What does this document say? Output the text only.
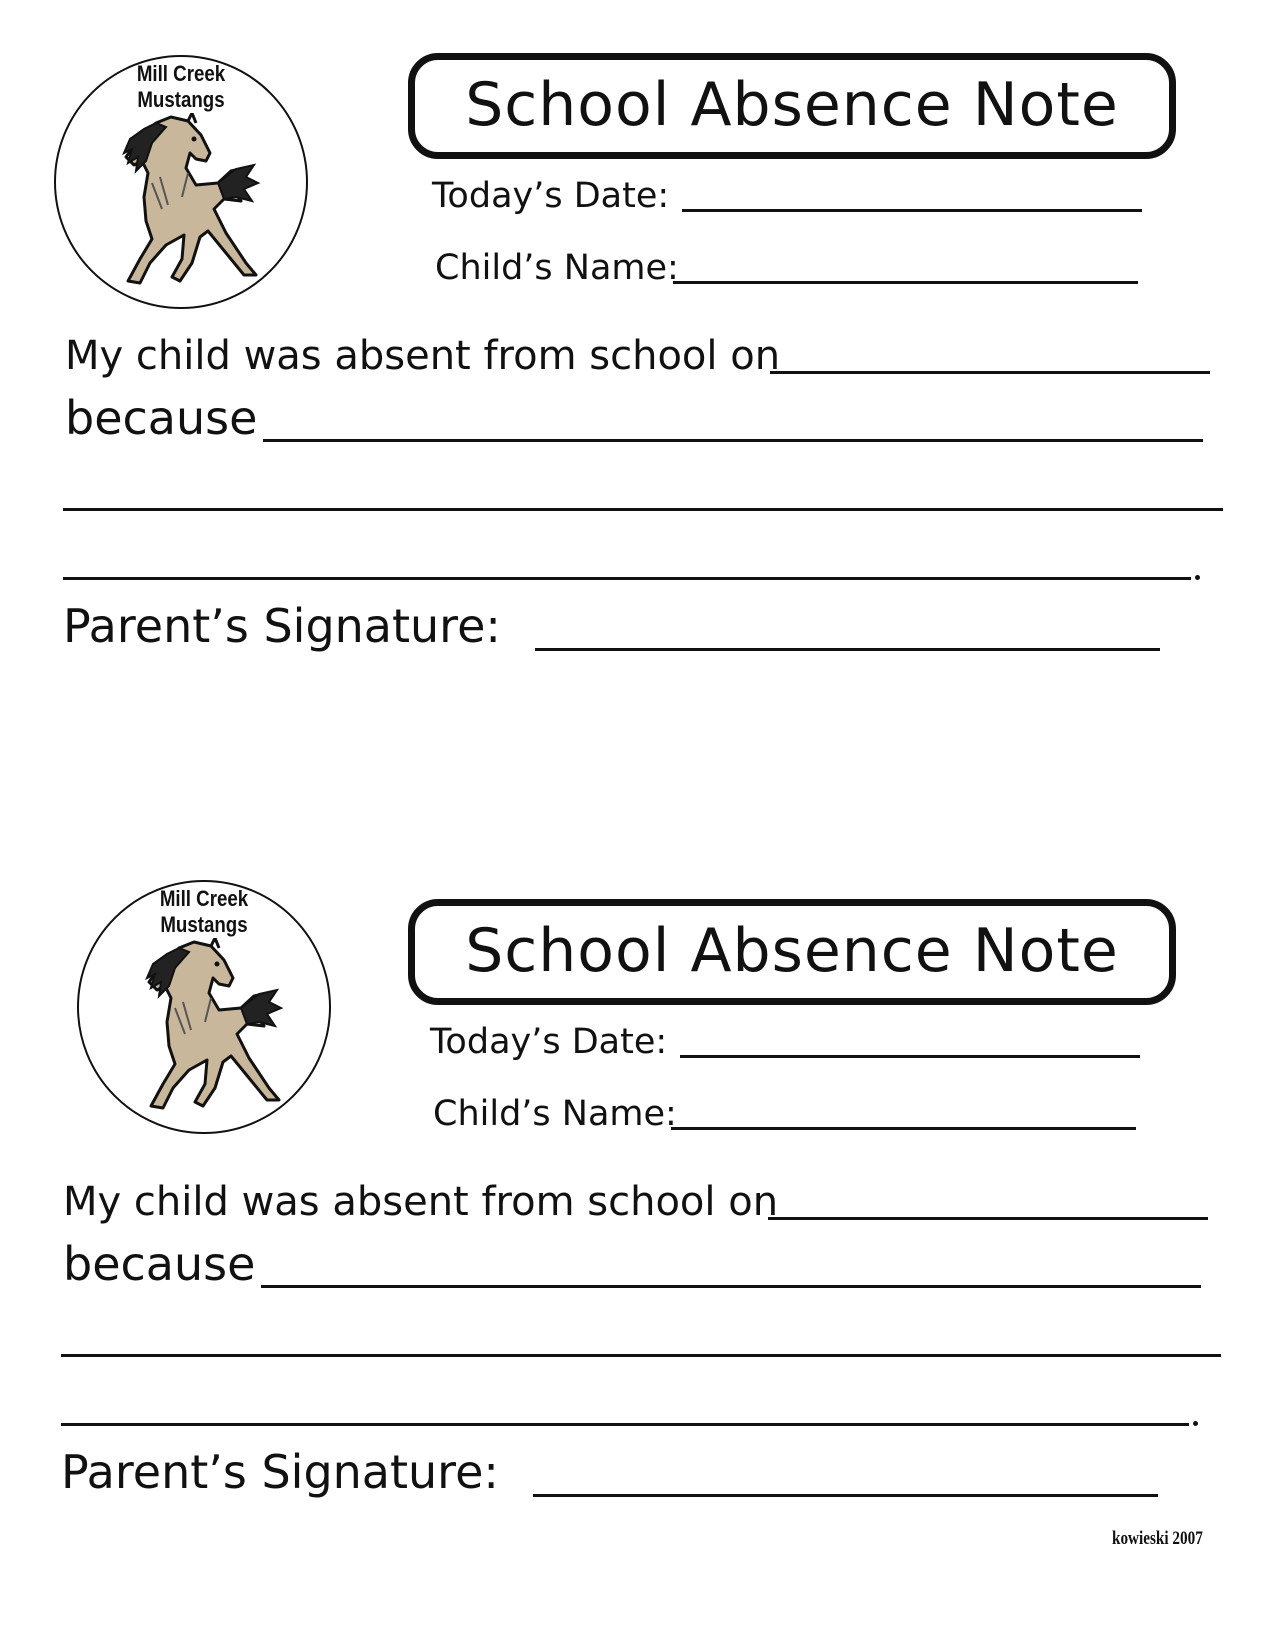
Mill Creek
Mustangs	School Absence Note
Today’s Date:
Child’s Name:
My child was absent from school on
because
Parent’s Signature:
Mill Creek
Mustangs	School Absence Note
Today’s Date:
Child’s Name:
My child was absent from school on
because
Parent’s Signature:
kowieski 2007
